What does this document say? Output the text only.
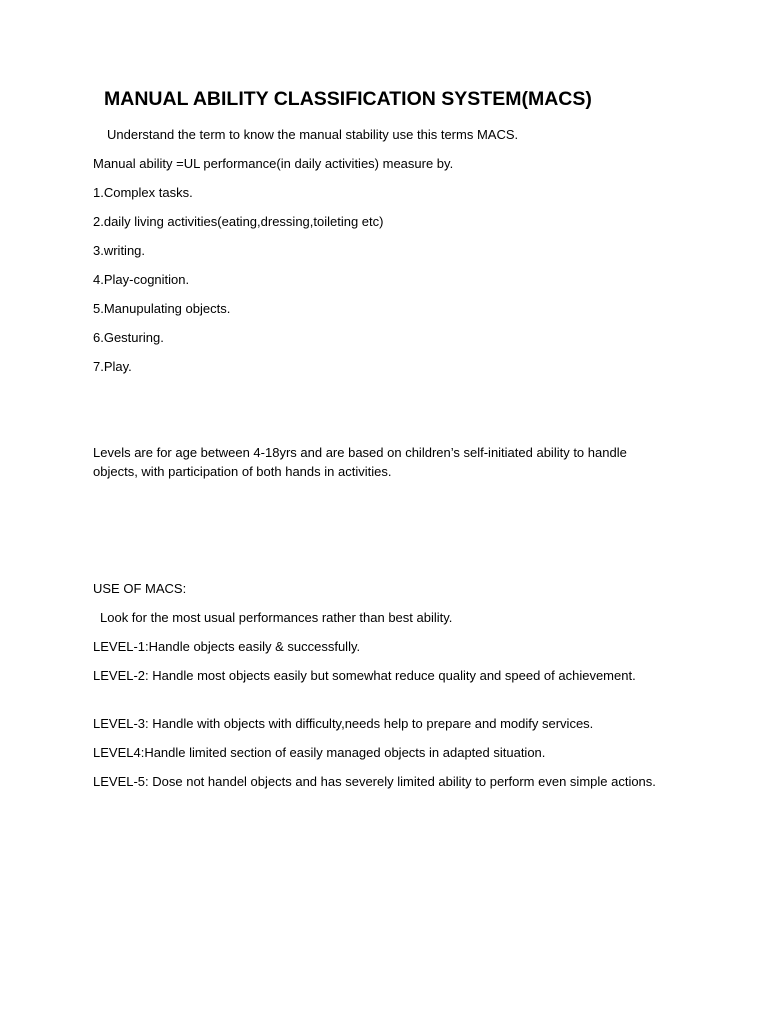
MANUAL ABILITY CLASSIFICATION SYSTEM(MACS)
Understand the term to know the manual stability use this terms MACS.
Manual ability =UL performance(in daily activities) measure by.
1.Complex tasks.
2.daily living activities(eating,dressing,toileting etc)
3.writing.
4.Play-cognition.
5.Manupulating objects.
6.Gesturing.
7.Play.
Levels are for age between 4-18yrs and are based on children’s self-initiated ability to handle objects, with participation of both hands in activities.
USE OF MACS:
Look for the most usual performances rather than best ability.
LEVEL-1:Handle objects easily & successfully.
LEVEL-2: Handle most objects easily but somewhat reduce quality and speed of achievement.
LEVEL-3: Handle with objects with difficulty,needs help to prepare and modify services.
LEVEL4:Handle limited section of easily managed objects in adapted situation.
LEVEL-5: Dose not handel objects and has severely limited ability to perform even simple actions.
